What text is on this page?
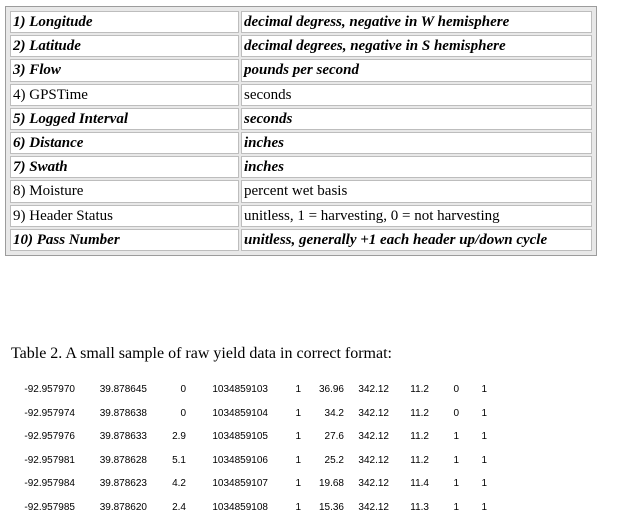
1) Longitude	decimal degress, negative in W hemisphere
2) Latitude	decimal degrees, negative in S hemisphere
3) Flow	pounds per second
4) GPSTime	seconds
5) Logged Interval	seconds
6) Distance	inches
7) Swath	inches
8) Moisture	percent wet basis
9) Header Status	unitless, 1 = harvesting, 0 = not harvesting
10) Pass Number	unitless, generally +1 each header up/down cycle
Table 2. A small sample of raw yield data in correct format:
-92.957970 39.878645	0	1034859103	1 36.96 342.12 11.2 0 1
-92.957974 39.878638	0	1034859104	1 34.2 342.12 11.2 0 1
-92.957976 39.878633	2.9	1034859105	1 27.6 342.12 11.2 1 1
-92.957981 39.878628	5.1	1034859106	1 25.2 342.12 11.2 1 1
-92.957984 39.878623	4.2	1034859107	1 19.68 342.12 11.4 1 1
-92.957985 39.878620	2.4	1034859108	1 15.36 342.12 11.3 1 1
